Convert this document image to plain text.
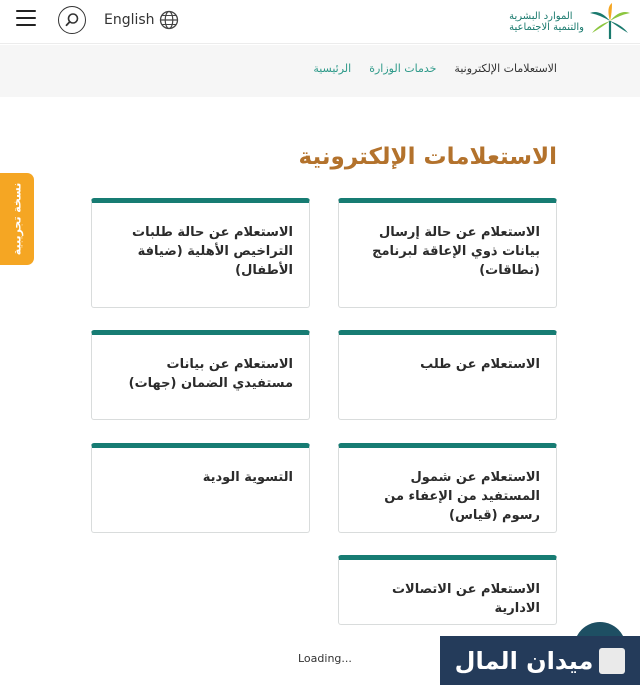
English	الموارد البشرية
والتنمية الاجتماعية
الرئيسية خدمات الوزارة الاستعلامات الإلكترونية
الاستعلامات الإلكترونية
نسخة تجريبية	الاستعلام عن حالة إرسال بيانات ذوي الإعاقة لبرنامج (نطاقات)
الاستعلام عن حالة طلبات التراخيص الأهلية (ضيافة الأطفال)
الاستعلام عن طلب
الاستعلام عن بيانات مستفيدي الضمان (جهات)
الاستعلام عن شمول المستفيد من الإعفاء من رسوم (قياس)
التسوية الودية
الاستعلام عن الاتصالات الادارية
Loading...	ميدان المال
